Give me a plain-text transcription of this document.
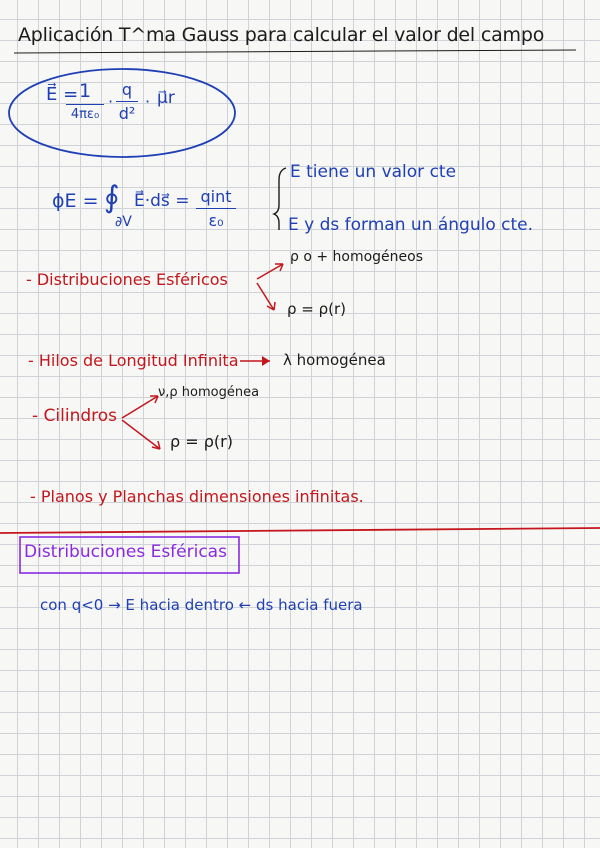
Aplicación T^ma Gauss para calcular el valor del campo
E⃗ = 1
4πε₀
·
q
d²
· μ⃗r
ϕE = ∮
∂V
E⃗·ds⃗ = qint
ε₀
E tiene un valor cte
E y ds forman un ángulo cte.
- Distribuciones Esféricos
ρ o + homogéneos
ρ = ρ(r)
- Hilos de Longitud Infinita	λ homogénea
- Cilindros
ν,ρ homogénea
ρ = ρ(r)
- Planos y Planchas dimensiones infinitas.
Distribuciones Esféricas
con q<0 → E hacia dentro ← ds hacia fuera
